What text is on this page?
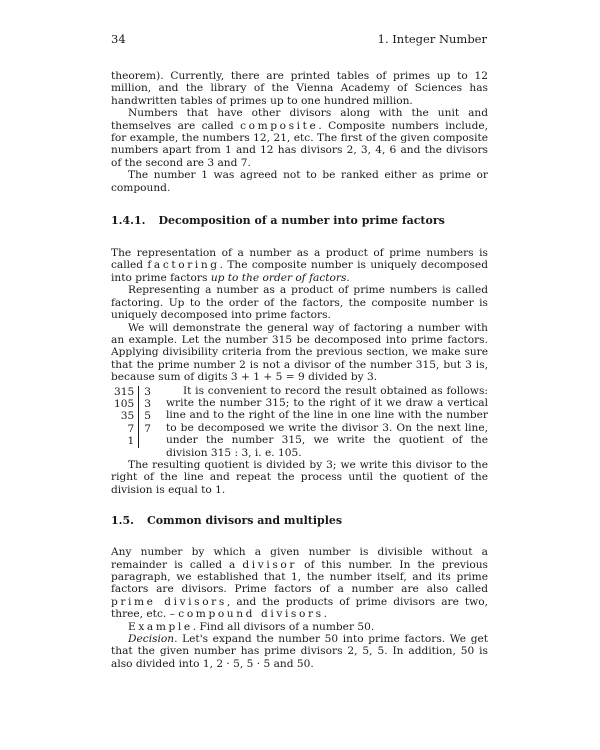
34	1. Integer Number

theorem). Currently, there are printed tables of primes up to 12 million, and the library of the Vienna Academy of Sciences has handwritten tables of primes up to one hundred million.

Numbers that have other divisors along with the unit and themselves are called composite. Composite numbers include, for example, the numbers 12, 21, etc. The first of the given composite numbers apart from 1 and 12 has divisors 2, 3, 4, 6 and the divisors of the second are 3 and 7.

The number 1 was agreed not to be ranked either as prime or compound.

1.4.1. Decomposition of a number into prime factors

The representation of a number as a product of prime numbers is called factoring. The composite number is uniquely decomposed into prime factors up to the order of factors.

Representing a number as a product of prime numbers is called factoring. Up to the order of the factors, the composite number is uniquely decomposed into prime factors.

We will demonstrate the general way of factoring a number with an example. Let the number 315 be decomposed into prime factors. Applying divisibility criteria from the previous section, we make sure that the prime number 2 is not a divisor of the number 315, but 3 is, because sum of digits 3 + 1 + 5 = 9 divided by 3.

315	3
105	3
35	5
7	7
1	

It is convenient to record the result obtained as follows: write the number 315; to the right of it we draw a vertical line and to the right of the line in one line with the number to be decomposed we write the divisor 3. On the next line, under the number 315, we write the quotient of the division 315 : 3, i. e. 105.

The resulting quotient is divided by 3; we write this divisor to the right of the line and repeat the process until the quotient of the division is equal to 1.

1.5. Common divisors and multiples

Any number by which a given number is divisible without a remainder is called a divisor of this number. In the previous paragraph, we established that 1, the number itself, and its prime factors are divisors. Prime factors of a number are also called prime divisors, and the products of prime divisors are two, three, etc. – compound divisors.

Example. Find all divisors of a number 50.

Decision. Let's expand the number 50 into prime factors. We get that the given number has prime divisors 2, 5, 5. In addition, 50 is also divided into 1, 2 · 5, 5 · 5 and 50.
